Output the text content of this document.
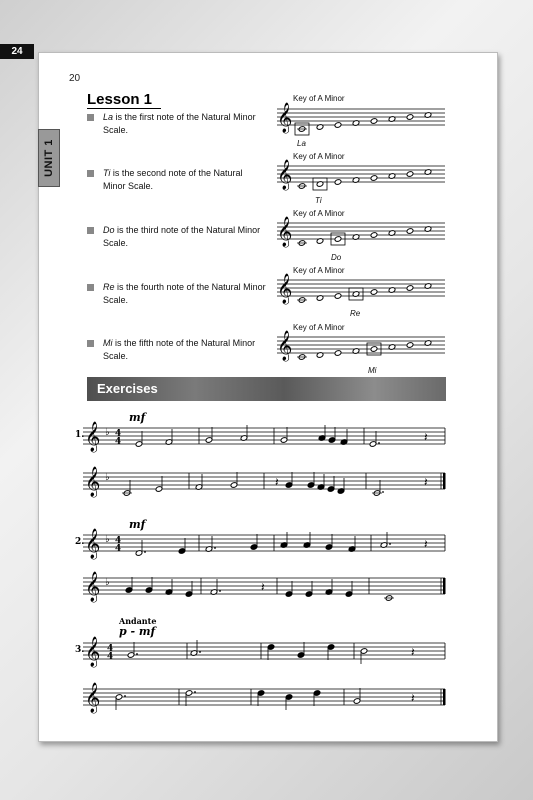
24
20
UNIT 1
Lesson 1
La is the first note of the Natural Minor Scale.
Ti is the second note of the Natural Minor Scale.
Do is the third note of the Natural Minor Scale.
Re is the fourth note of the Natural Minor Scale.
Mi is the fifth note of the Natural Minor Scale.
Key of A Minor
Key of A Minor
Key of A Minor
Key of A Minor
Key of A Minor
𝄞
𝄞
𝄞
𝄞
𝄞
La
Ti
Do
Re
Mi
Exercises
1.
mf
2.
mf
Andante
p - mf
3.
𝄞 ♭ 4
4	𝄽
𝄞 ♭	𝄽	𝄽
𝄞 ♭ 4
4	𝄽
𝄞 ♭	𝄽
𝄞 4
4	𝄽
𝄞	𝄽
